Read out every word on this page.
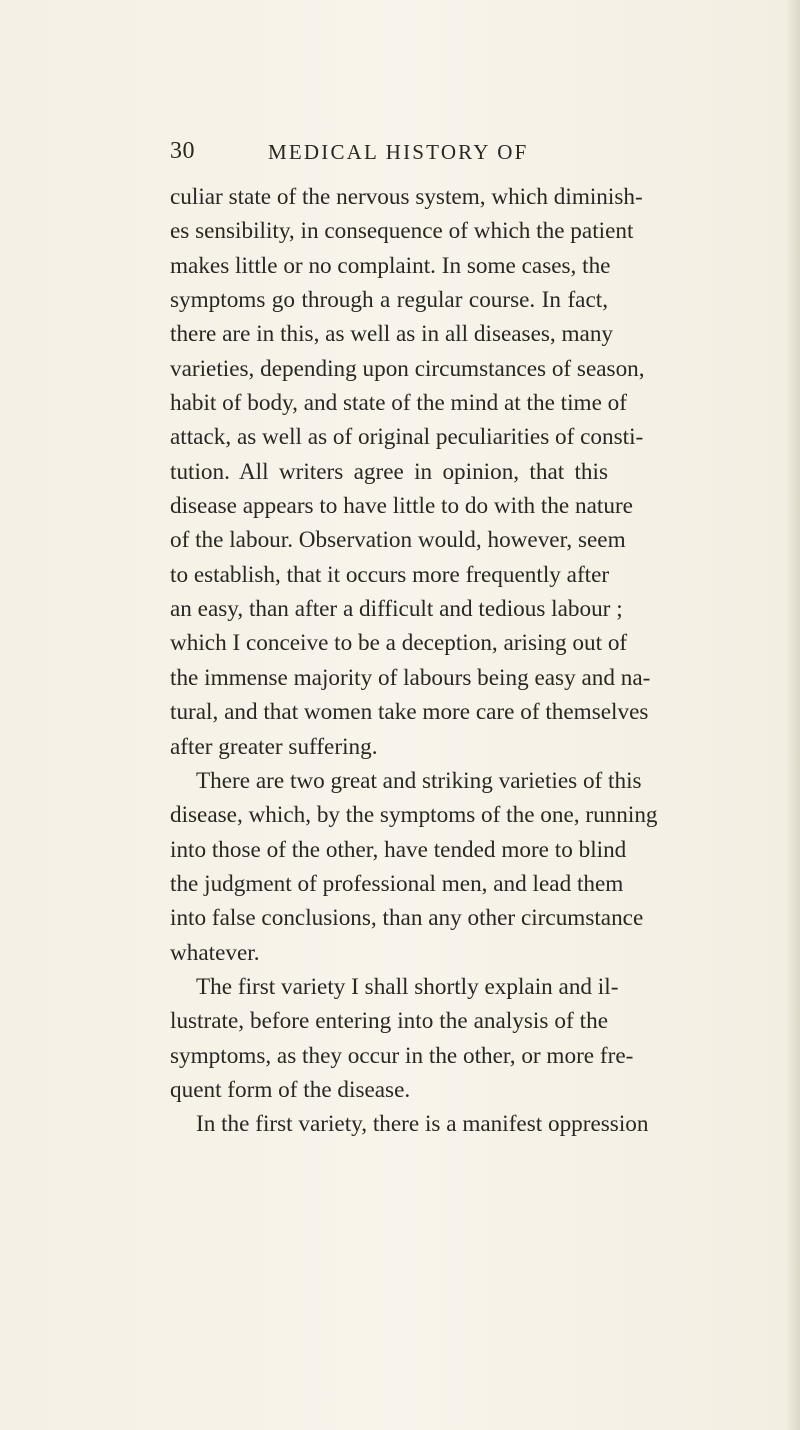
30	MEDICAL HISTORY OF
culiar state of the nervous system, which diminish-
es sensibility, in consequence of which the patient
makes little or no complaint. In some cases, the
symptoms go through a regular course. In fact,
there are in this, as well as in all diseases, many
varieties, depending upon circumstances of season,
habit of body, and state of the mind at the time of
attack, as well as of original peculiarities of consti-
tution. All writers agree in opinion, that this
disease appears to have little to do with the nature
of the labour. Observation would, however, seem
to establish, that it occurs more frequently after
an easy, than after a difficult and tedious labour ;
which I conceive to be a deception, arising out of
the immense majority of labours being easy and na-
tural, and that women take more care of themselves
after greater suffering.
There are two great and striking varieties of this
disease, which, by the symptoms of the one, running
into those of the other, have tended more to blind
the judgment of professional men, and lead them
into false conclusions, than any other circumstance
whatever.
The first variety I shall shortly explain and il-
lustrate, before entering into the analysis of the
symptoms, as they occur in the other, or more fre-
quent form of the disease.
In the first variety, there is a manifest oppression
